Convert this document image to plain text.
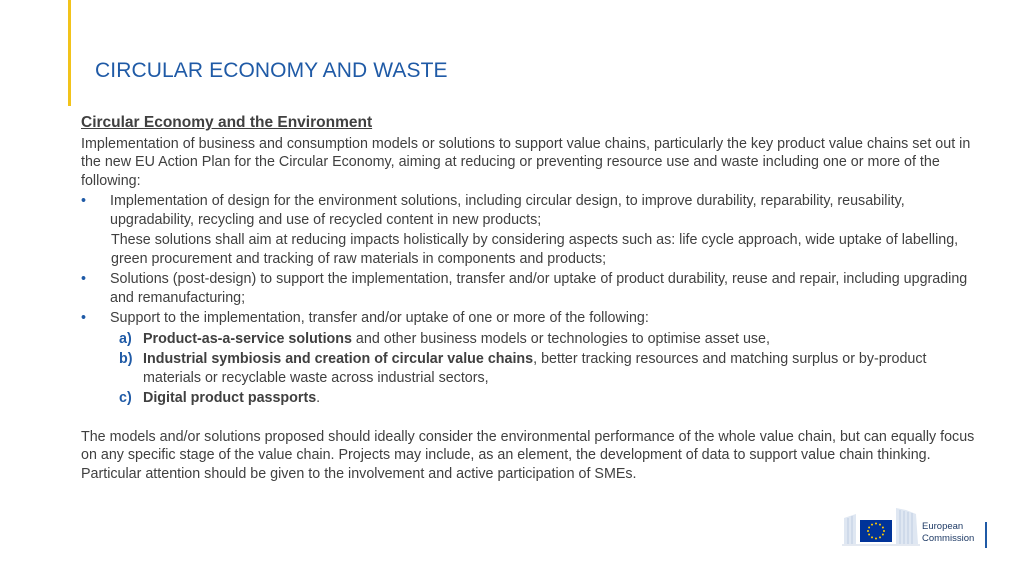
CIRCULAR ECONOMY AND WASTE
Circular Economy and the Environment

Implementation of business and consumption models or solutions to support value chains, particularly the key product value chains set out in the new EU Action Plan for the Circular Economy, aiming at reducing or preventing resource use and waste including one or more of the following:

• Implementation of design for the environment solutions, including circular design, to improve durability, reparability, reusability, upgradability, recycling and use of recycled content in new products;
These solutions shall aim at reducing impacts holistically by considering aspects such as: life cycle approach, wide uptake of labelling, green procurement and tracking of raw materials in components and products;
• Solutions (post-design) to support the implementation, transfer and/or uptake of product durability, reuse and repair, including upgrading and remanufacturing;
• Support to the implementation, transfer and/or uptake of one or more of the following:
a) Product-as-a-service solutions and other business models or technologies to optimise asset use,
b) Industrial symbiosis and creation of circular value chains, better tracking resources and matching surplus or by-product materials or recyclable waste across industrial sectors,
c) Digital product passports.

The models and/or solutions proposed should ideally consider the environmental performance of the whole value chain, but can equally focus on any specific stage of the value chain. Projects may include, as an element, the development of data to support value chain thinking. Particular attention should be given to the involvement and active participation of SMEs.

European
Commission
